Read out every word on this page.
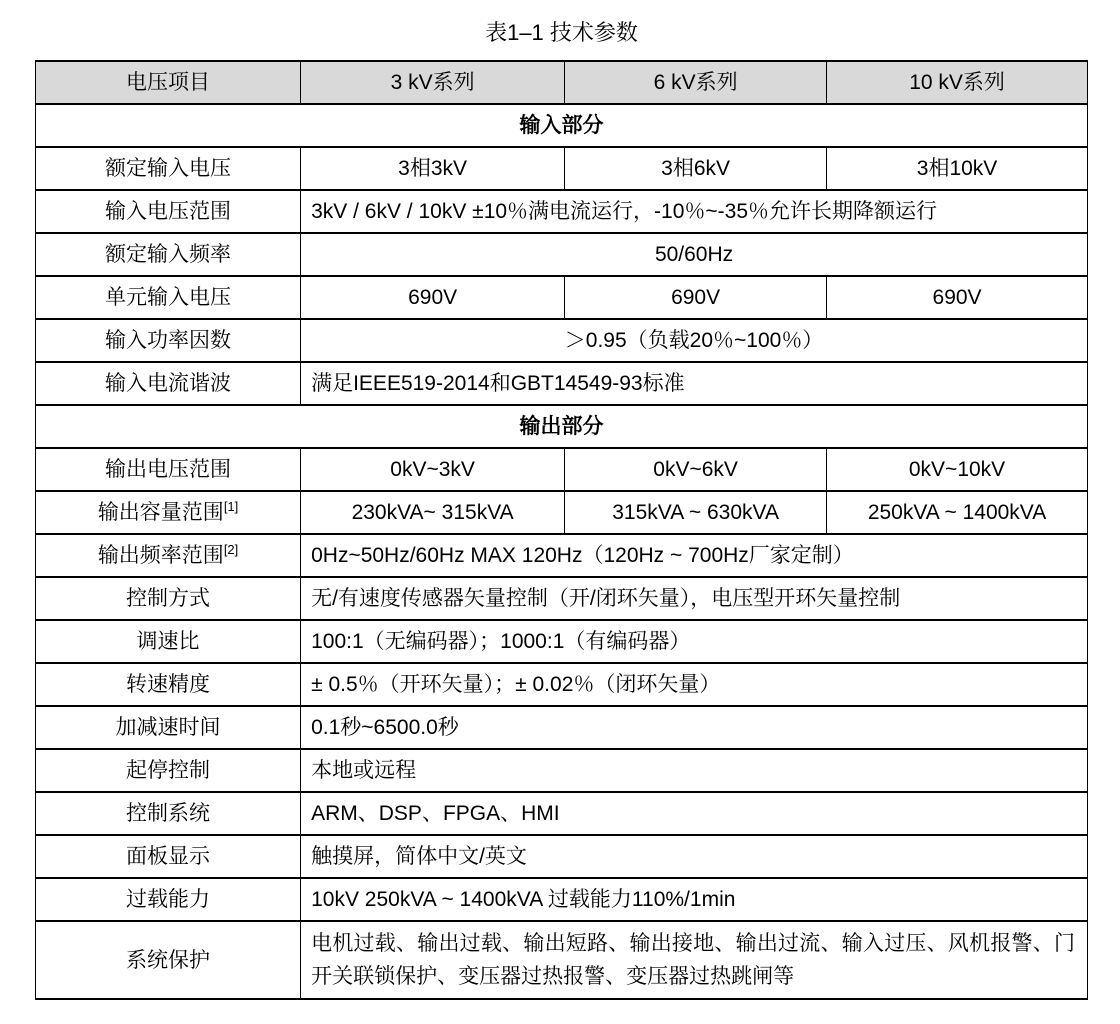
表1–1 技术参数
电压项目	3 kV系列	6 kV系列	10 kV系列
输入部分			
额定输入电压	3相3kV	3相6kV	3相10kV
输入电压范围	3kV / 6kV / 10kV ±10％满电流运行，-10％~-35％允许长期降额运行		
额定输入频率	50/60Hz		
单元输入电压	690V	690V	690V
输入功率因数	＞0.95（负载20％~100％）		
输入电流谐波	满足IEEE519-2014和GBT14549-93标准		
输出部分			
输出电压范围	0kV~3kV	0kV~6kV	0kV~10kV
输出容量范围[1]	230kVA~ 315kVA	315kVA ~ 630kVA	250kVA ~ 1400kVA
输出频率范围[2]	0Hz~50Hz/60Hz MAX 120Hz（120Hz ~ 700Hz厂家定制）		
控制方式	无/有速度传感器矢量控制（开/闭环矢量），电压型开环矢量控制		
调速比	100:1（无编码器）；1000:1（有编码器）		
转速精度	± 0.5％（开环矢量）；± 0.02％（闭环矢量）		
加减速时间	0.1秒~6500.0秒		
起停控制	本地或远程		
控制系统	ARM、DSP、FPGA、HMI		
面板显示	触摸屏，简体中文/英文		
过载能力	10kV 250kVA ~ 1400kVA 过载能力110%/1min		
系统保护	电机过载、输出过载、输出短路、输出接地、输出过流、输入过压、风机报警、门开关联锁保护、变压器过热报警、变压器过热跳闸等		
